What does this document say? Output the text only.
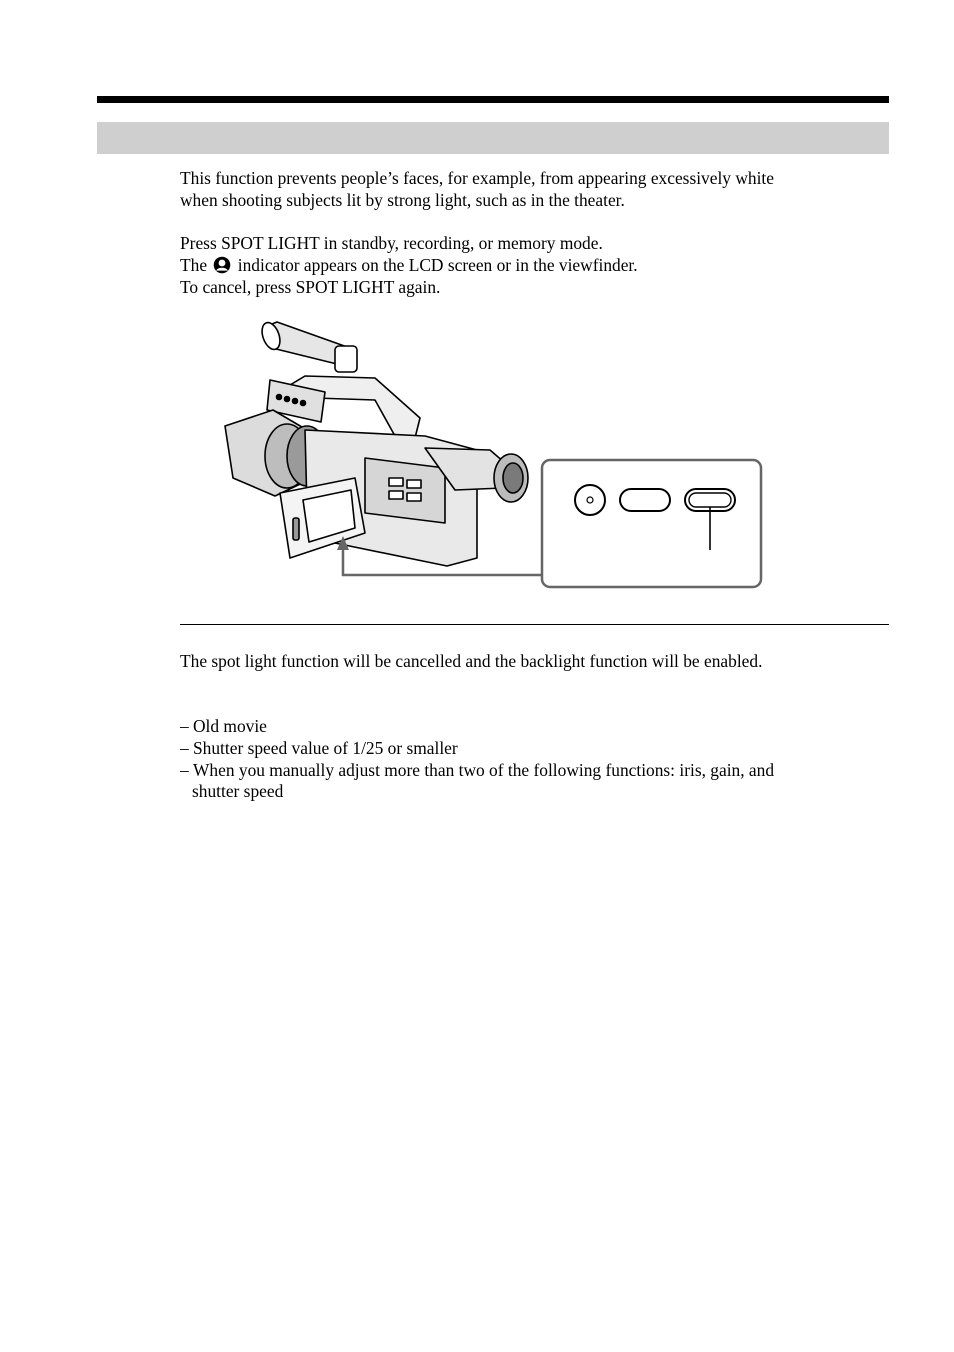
This function prevents people’s faces, for example, from appearing excessively white
when shooting subjects lit by strong light, such as in the theater.
Press SPOT LIGHT in standby, recording, or memory mode.
The indicator appears on the LCD screen or in the viewfinder.
To cancel, press SPOT LIGHT again.
The spot light function will be cancelled and the backlight function will be enabled.
– Old movie
– Shutter speed value of 1/25 or smaller
– When you manually adjust more than two of the following functions: iris, gain, and
shutter speed
